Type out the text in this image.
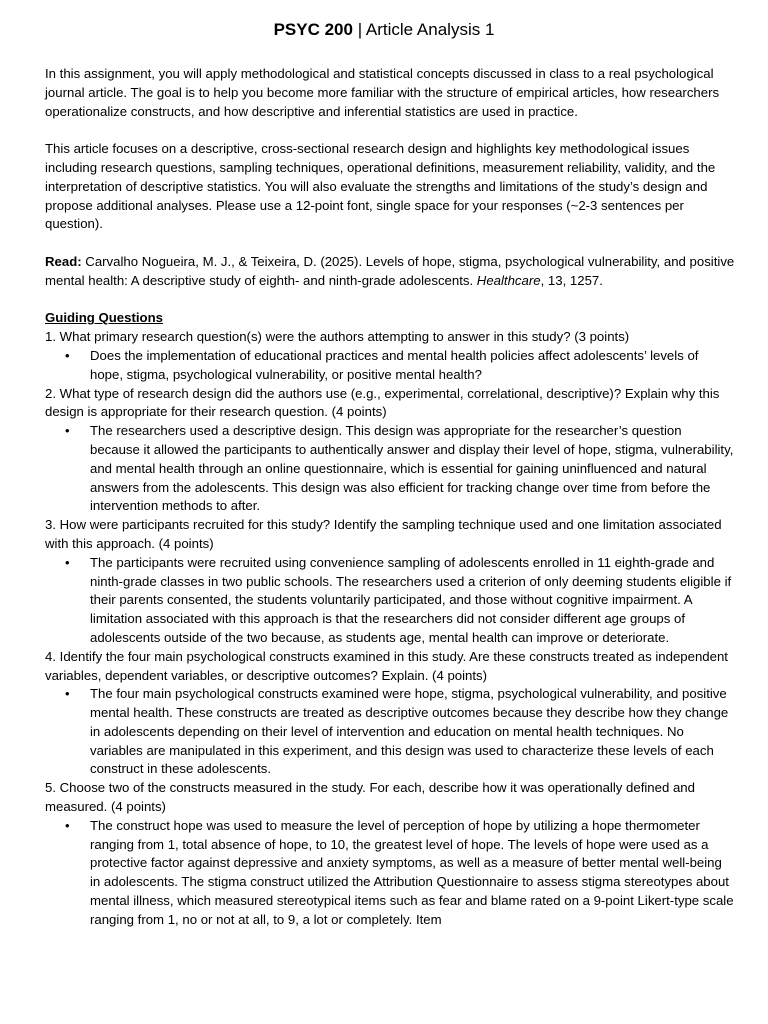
PSYC 200 | Article Analysis 1

In this assignment, you will apply methodological and statistical concepts discussed in class to a real psychological journal article. The goal is to help you become more familiar with the structure of empirical articles, how researchers operationalize constructs, and how descriptive and inferential statistics are used in practice.

This article focuses on a descriptive, cross-sectional research design and highlights key methodological issues including research questions, sampling techniques, operational definitions, measurement reliability, validity, and the interpretation of descriptive statistics. You will also evaluate the strengths and limitations of the study’s design and propose additional analyses. Please use a 12-point font, single space for your responses (~2-3 sentences per question).

Read: Carvalho Nogueira, M. J., & Teixeira, D. (2025). Levels of hope, stigma, psychological vulnerability, and positive mental health: A descriptive study of eighth- and ninth-grade adolescents. Healthcare, 13, 1257.

Guiding Questions

1. What primary research question(s) were the authors attempting to answer in this study? (3 points)

• Does the implementation of educational practices and mental health policies affect adolescents’ levels of hope, stigma, psychological vulnerability, or positive mental health?

2. What type of research design did the authors use (e.g., experimental, correlational, descriptive)? Explain why this design is appropriate for their research question. (4 points)

• The researchers used a descriptive design. This design was appropriate for the researcher’s question because it allowed the participants to authentically answer and display their level of hope, stigma, vulnerability, and mental health through an online questionnaire, which is essential for gaining uninfluenced and natural answers from the adolescents. This design was also efficient for tracking change over time from before the intervention methods to after.

3. How were participants recruited for this study? Identify the sampling technique used and one limitation associated with this approach. (4 points)

• The participants were recruited using convenience sampling of adolescents enrolled in 11 eighth-grade and ninth-grade classes in two public schools. The researchers used a criterion of only deeming students eligible if their parents consented, the students voluntarily participated, and those without cognitive impairment. A limitation associated with this approach is that the researchers did not consider different age groups of adolescents outside of the two because, as students age, mental health can improve or deteriorate.

4. Identify the four main psychological constructs examined in this study. Are these constructs treated as independent variables, dependent variables, or descriptive outcomes? Explain. (4 points)

• The four main psychological constructs examined were hope, stigma, psychological vulnerability, and positive mental health. These constructs are treated as descriptive outcomes because they describe how they change in adolescents depending on their level of intervention and education on mental health techniques. No variables are manipulated in this experiment, and this design was used to characterize these levels of each construct in these adolescents.

5. Choose two of the constructs measured in the study. For each, describe how it was operationally defined and measured. (4 points)

• The construct hope was used to measure the level of perception of hope by utilizing a hope thermometer ranging from 1, total absence of hope, to 10, the greatest level of hope. The levels of hope were used as a protective factor against depressive and anxiety symptoms, as well as a measure of better mental well-being in adolescents. The stigma construct utilized the Attribution Questionnaire to assess stigma stereotypes about mental illness, which measured stereotypical items such as fear and blame rated on a 9-point Likert-type scale ranging from 1, no or not at all, to 9, a lot or completely. Item
